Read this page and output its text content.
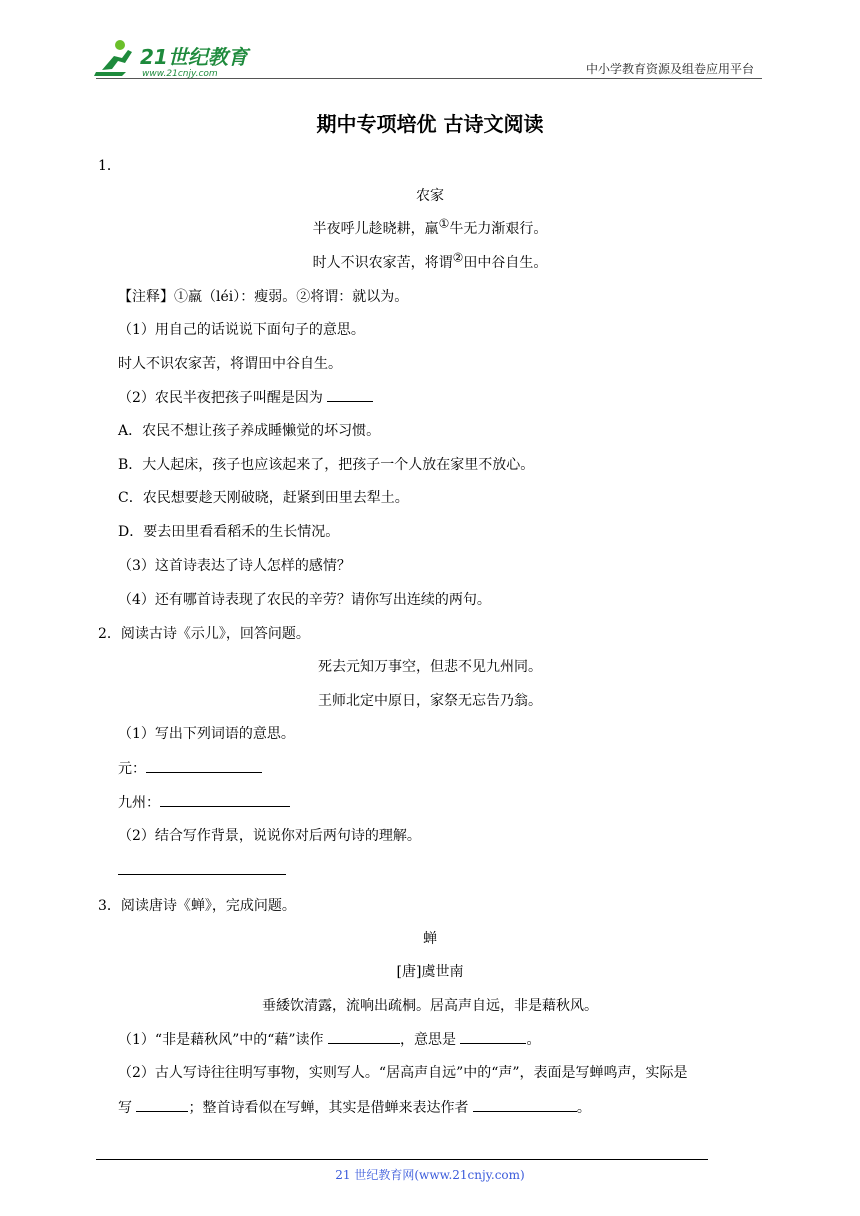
21世纪教育
www.21cnjy.com	中小学教育资源及组卷应用平台
期中专项培优 古诗文阅读
1．
农家
半夜呼儿趁晓耕，羸①牛无力渐艰行。
时人不识农家苦，将谓②田中谷自生。
【注释】①羸（léi）：瘦弱。②将谓：就以为。
（1）用自己的话说说下面句子的意思。
时人不识农家苦，将谓田中谷自生。
（2）农民半夜把孩子叫醒是因为
A．农民不想让孩子养成睡懒觉的坏习惯。
B．大人起床，孩子也应该起来了，把孩子一个人放在家里不放心。
C．农民想要趁天刚破晓，赶紧到田里去犁土。
D．要去田里看看稻禾的生长情况。
（3）这首诗表达了诗人怎样的感情？
（4）还有哪首诗表现了农民的辛劳？请你写出连续的两句。
2．阅读古诗《示儿》，回答问题。
死去元知万事空，但悲不见九州同。
王师北定中原日，家祭无忘告乃翁。
（1）写出下列词语的意思。
元：
九州：
（2）结合写作背景，说说你对后两句诗的理解。
3．阅读唐诗《蝉》，完成问题。
蝉
[唐]虞世南
垂緌饮清露，流响出疏桐。居高声自远，非是藉秋风。
（1）“非是藉秋风”中的“藉”读作	，意思是	。
（2）古人写诗往往明写事物，实则写人。“居高声自远”中的“声”，表面是写蝉鸣声，实际是
写	；整首诗看似在写蝉，其实是借蝉来表达作者	。
21 世纪教育网(www.21cnjy.com)
